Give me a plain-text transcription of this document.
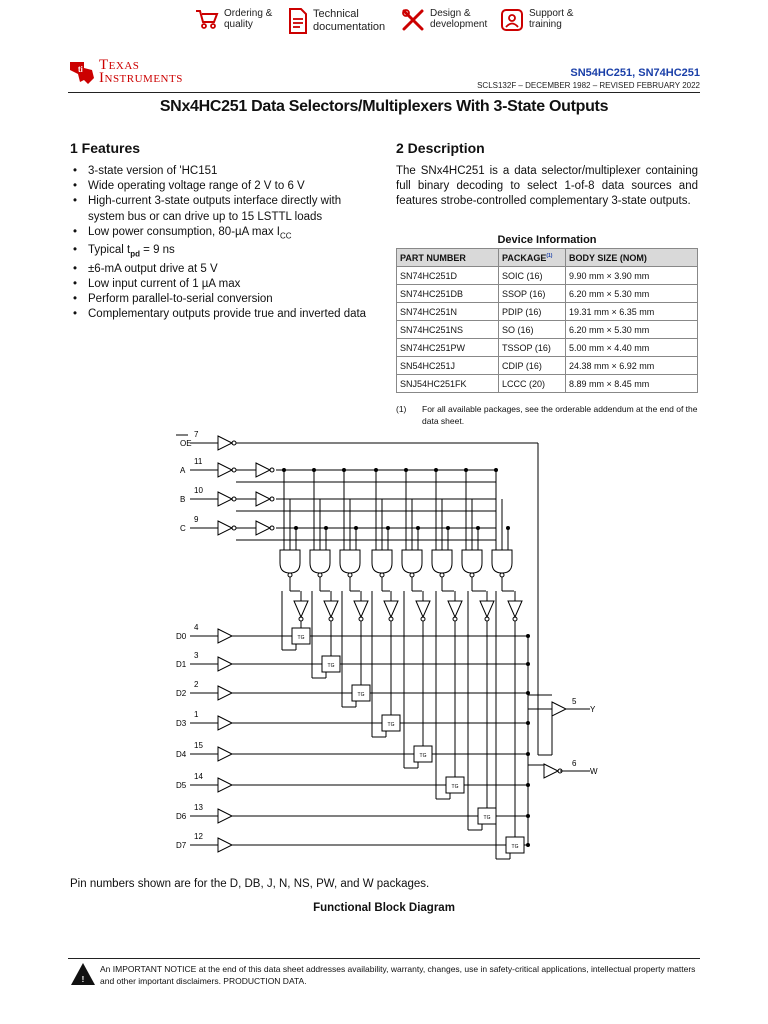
Ordering &
quality
Technical
documentation
Design &
development
Support &
training
ti Texas
Instruments	SN54HC251, SN74HC251
SCLS132F – DECEMBER 1982 – REVISED FEBRUARY 2022
SNx4HC251 Data Selectors/Multiplexers With 3-State Outputs
1 Features
• 3-state version of 'HC151
• Wide operating voltage range of 2 V to 6 V
• High-current 3-state outputs interface directly with system bus or can drive up to 15 LSTTL loads
• Low power consumption, 80-µA $\max I_{CC}$
• Typical $t_{pd} = 9$ ns
• ±6-mA output drive at 5 V
• Low input current of 1 µA max
• Perform parallel-to-serial conversion
• Complementary outputs provide true and inverted data
2 Description
The SNx4HC251 is a data selector/multiplexer containing full binary decoding to select 1-of-8 data sources and features strobe-controlled complementary 3-state outputs.
Device Information
PART NUMBER	PACKAGE$^{(1)}$	BODY SIZE (NOM)
SN74HC251D	SOIC (16)	9.90 mm × 3.90 mm
SN74HC251DB	SSOP (16)	6.20 mm × 5.30 mm
SN74HC251N	PDIP (16)	19.31 mm × 6.35 mm
SN74HC251NS	SO (16)	6.20 mm × 5.30 mm
SN74HC251PW	TSSOP (16)	5.00 mm × 4.40 mm
SN54HC251J	CDIP (16)	24.38 mm × 6.92 mm
SNJ54HC251FK	LCCC (20)	8.89 mm × 8.45 mm
(1) For all available packages, see the orderable addendum at the end of the data sheet.
OE
7
A
11
B
10
C
9
D0
4
TG
D1
3
TG
D2
2
TG
D3
1
TG
D4
15
TG
D5
14
TG
D6
13
TG
D7
12
TG
5
Y
6
W
Pin numbers shown are for the D, DB, J, N, NS, PW, and W packages.
Functional Block Diagram
!
An IMPORTANT NOTICE at the end of this data sheet addresses availability, warranty, changes, use in safety-critical applications, intellectual property matters and other important disclaimers. PRODUCTION DATA.
